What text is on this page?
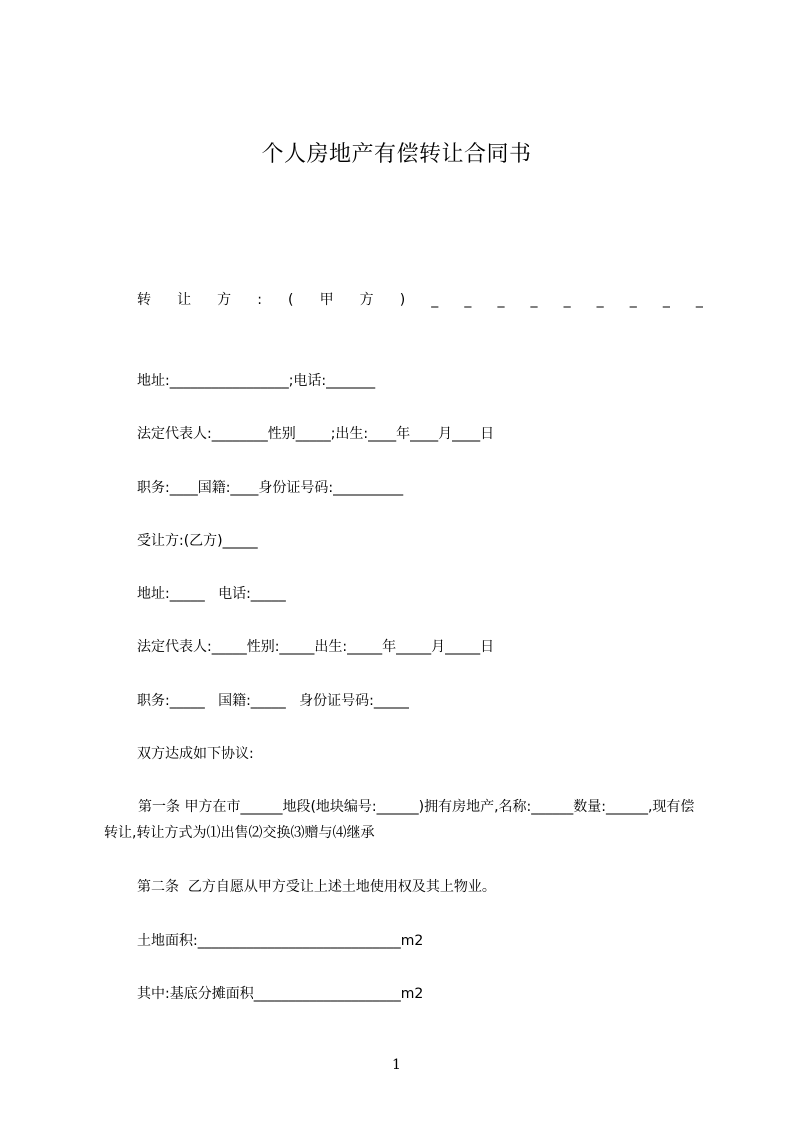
个人房地产有偿转让合同书
转 让 方 : ( 甲 方 ) _ _ _ _ _ _ _ _ _
地址:_________________;电话:_______
法定代表人:________性别_____;出生:____年____月____日
职务:____国籍:____身份证号码:__________
受让方:(乙方)_____
地址:_____   电话:_____
法定代表人:_____性别:_____出生:_____年_____月_____日
职务:_____   国籍:_____   身份证号码:_____
双方达成如下协议:
第一条 甲方在市______地段(地块编号:______)拥有房地产,名称:______数量:______,现有偿转让,转让方式为⑴出售⑵交换⑶赠与⑷继承
第二条  乙方自愿从甲方受让上述土地使用权及其上物业。
土地面积:_____________________________m2
其中:基底分摊面积_____________________m2
1
